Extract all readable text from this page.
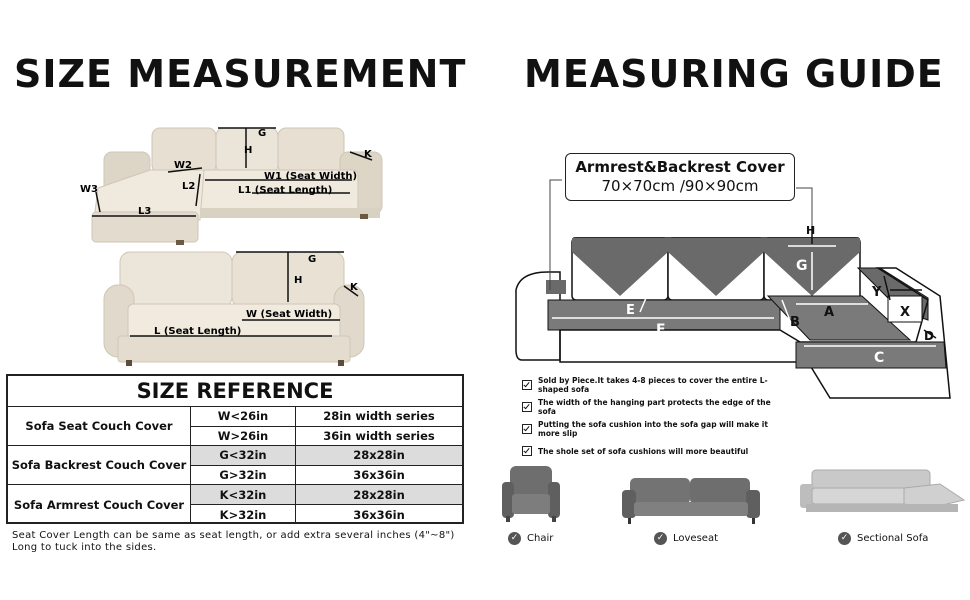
SIZE MEASUREMENT MEASURING GUIDE
G
H
W2
W1 (Seat Width)
K
W3	L2	L1 (Seat Length)
L3
G
H
K
W (Seat Width)
L (Seat Length)
H
G
Y
X
E
F	B
A
D
C
SIZE REFERENCE
Sofa Seat Couch Cover
W<26in	28in width series
W>26in	36in width series
Sofa Backrest Couch Cover
G<32in	28x28in
G>32in	36x36in
Sofa Armrest Couch Cover
K<32in	28x28in
K>32in	36x36in
Seat Cover Length can be same as seat length, or add extra several inches (4"~8") Long to tuck into the sides.
Armrest&Backrest Cover
70×70cm /90×90cm
Sold by Piece.It takes 4-8 pieces to cover the entire L-shaped sofa
The width of the hanging part protects the edge of the sofa
Putting the sofa cushion into the sofa gap will make it more slip
The shole set of sofa cushions will more beautiful
✓ Chair	✓ Loveseat	✓ Sectional Sofa
